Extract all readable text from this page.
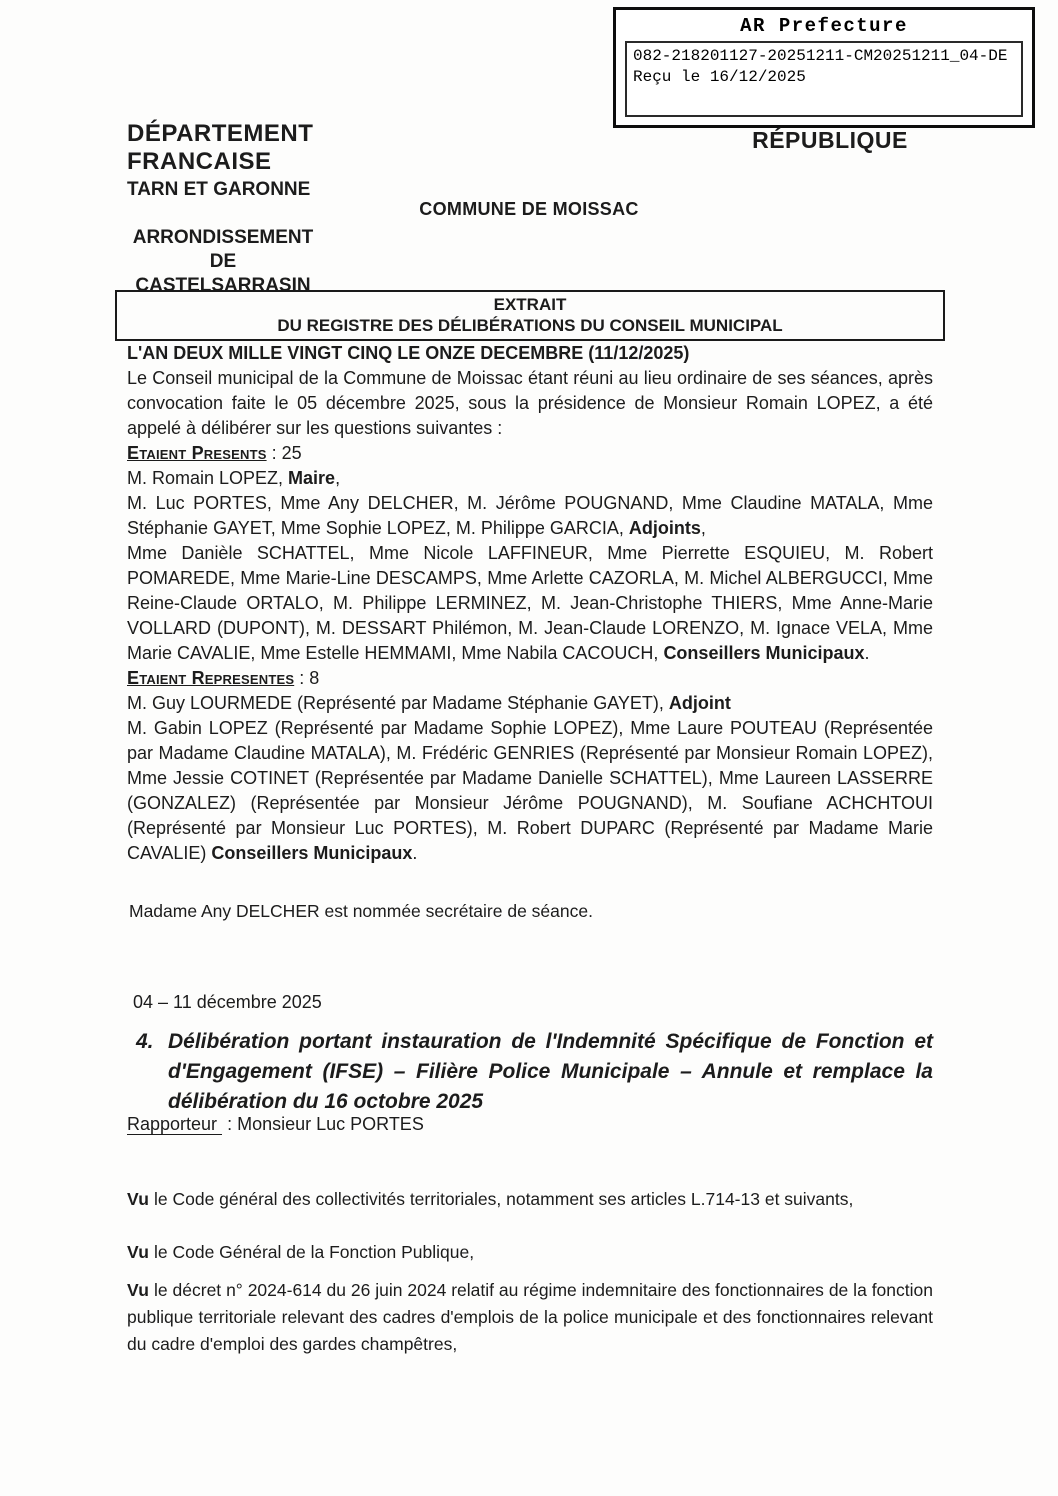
AR Prefecture
082-218201127-20251211-CM20251211_04-DE
Reçu le 16/12/2025
DÉPARTEMENT
FRANCAISE
TARN ET GARONNE
RÉPUBLIQUE
COMMUNE DE MOISSAC
ARRONDISSEMENT
DE
CASTELSARRASIN
EXTRAIT
DU REGISTRE DES DÉLIBÉRATIONS DU CONSEIL MUNICIPAL

L'AN DEUX MILLE VINGT CINQ LE ONZE DECEMBRE (11/12/2025)

Le Conseil municipal de la Commune de Moissac étant réuni au lieu ordinaire de ses séances, après convocation faite le 05 décembre 2025, sous la présidence de Monsieur Romain LOPEZ, a été appelé à délibérer sur les questions suivantes :

Etaient Presents : 25

M. Romain LOPEZ, Maire,

M. Luc PORTES, Mme Any DELCHER, M. Jérôme POUGNAND, Mme Claudine MATALA, Mme Stéphanie GAYET, Mme Sophie LOPEZ, M. Philippe GARCIA, Adjoints,

Mme Danièle SCHATTEL, Mme Nicole LAFFINEUR, Mme Pierrette ESQUIEU, M. Robert POMAREDE, Mme Marie-Line DESCAMPS, Mme Arlette CAZORLA, M. Michel ALBERGUCCI, Mme Reine-Claude ORTALO, M. Philippe LERMINEZ, M. Jean-Christophe THIERS, Mme Anne-Marie VOLLARD (DUPONT), M. DESSART Philémon, M. Jean-Claude LORENZO, M. Ignace VELA, Mme Marie CAVALIE, Mme Estelle HEMMAMI, Mme Nabila CACOUCH, Conseillers Municipaux.

Etaient Representes : 8

M. Guy LOURMEDE (Représenté par Madame Stéphanie GAYET), Adjoint

M. Gabin LOPEZ (Représenté par Madame Sophie LOPEZ), Mme Laure POUTEAU (Représentée par Madame Claudine MATALA), M. Frédéric GENRIES (Représenté par Monsieur Romain LOPEZ), Mme Jessie COTINET (Représentée par Madame Danielle SCHATTEL), Mme Laureen LASSERRE (GONZALEZ) (Représentée par Monsieur Jérôme POUGNAND), M. Soufiane ACHCHTOUI (Représenté par Monsieur Luc PORTES), M. Robert DUPARC (Représenté par Madame Marie CAVALIE) Conseillers Municipaux.

Madame Any DELCHER est nommée secrétaire de séance.

04 – 11 décembre 2025

4. Délibération portant instauration de l'Indemnité Spécifique de Fonction et d'Engagement (IFSE) – Filière Police Municipale – Annule et remplace la délibération du 16 octobre 2025

Rapporteur : Monsieur Luc PORTES

Vu le Code général des collectivités territoriales, notamment ses articles L.714-13 et suivants,

Vu le Code Général de la Fonction Publique,

Vu le décret n° 2024-614 du 26 juin 2024 relatif au régime indemnitaire des fonctionnaires de la fonction publique territoriale relevant des cadres d'emplois de la police municipale et des fonctionnaires relevant du cadre d'emploi des gardes champêtres,
